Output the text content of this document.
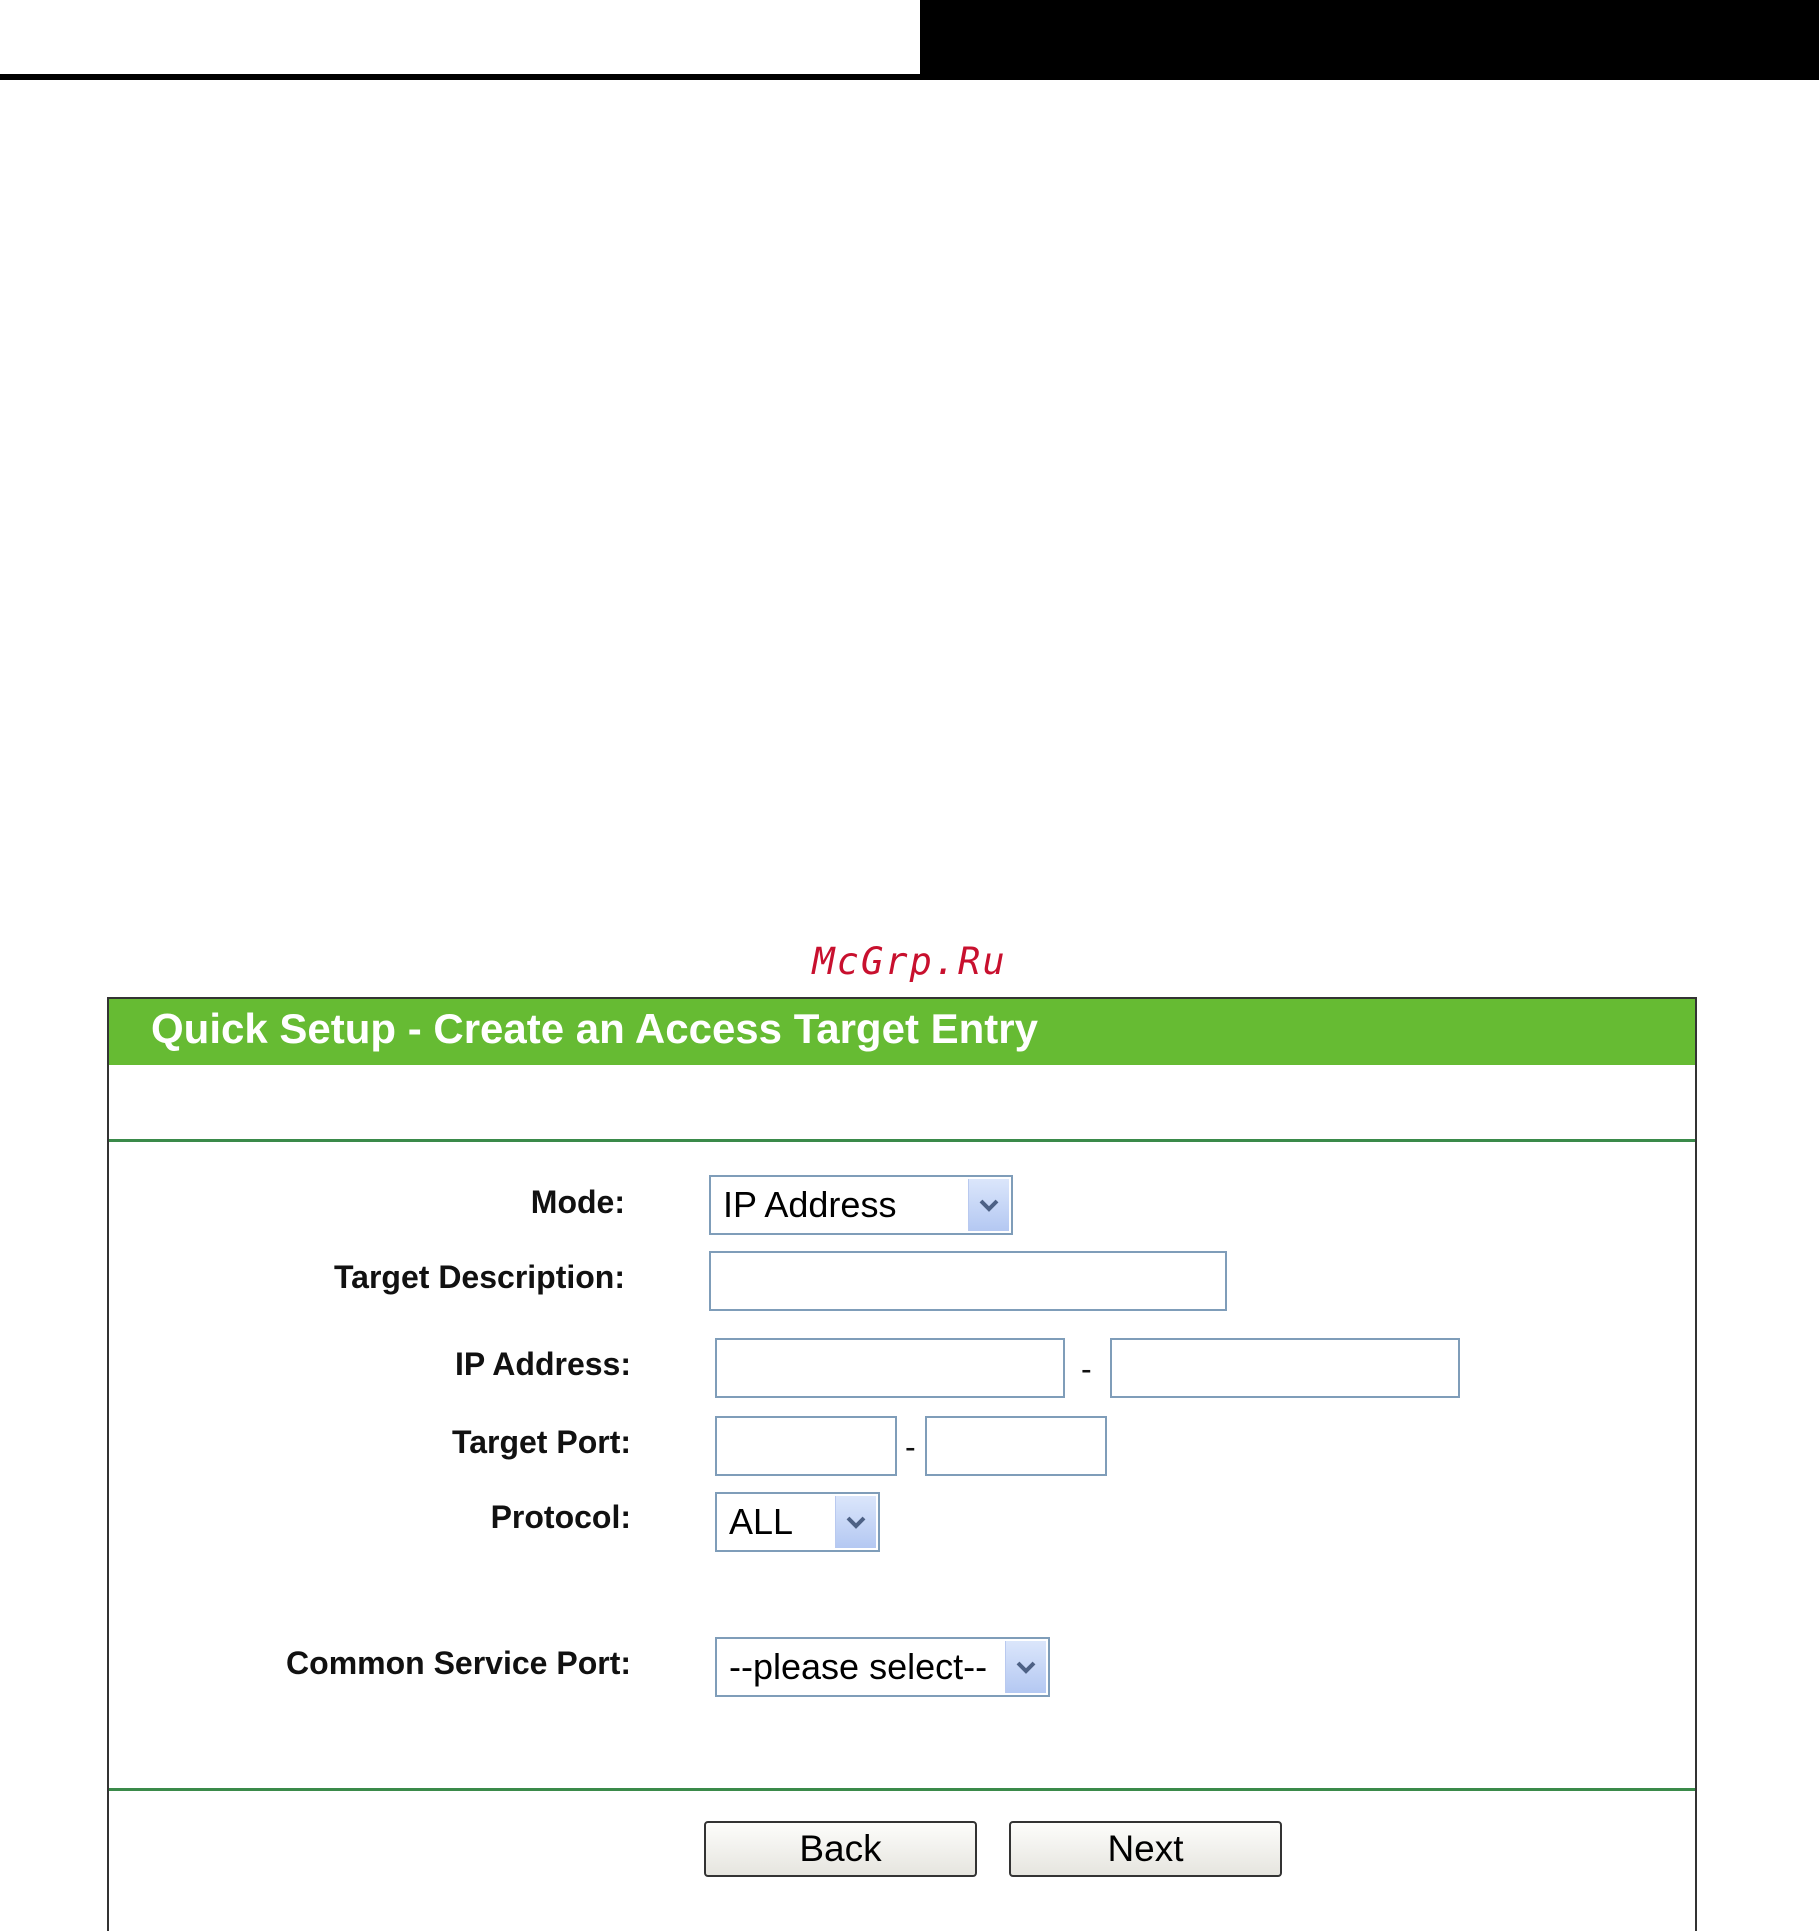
McGrp.Ru
Quick Setup - Create an Access Target Entry
Mode:	IP Address
Target Description:
IP Address:	-
Target Port:	-
Protocol:	ALL
Common Service Port:	--please select--
Back	Next
